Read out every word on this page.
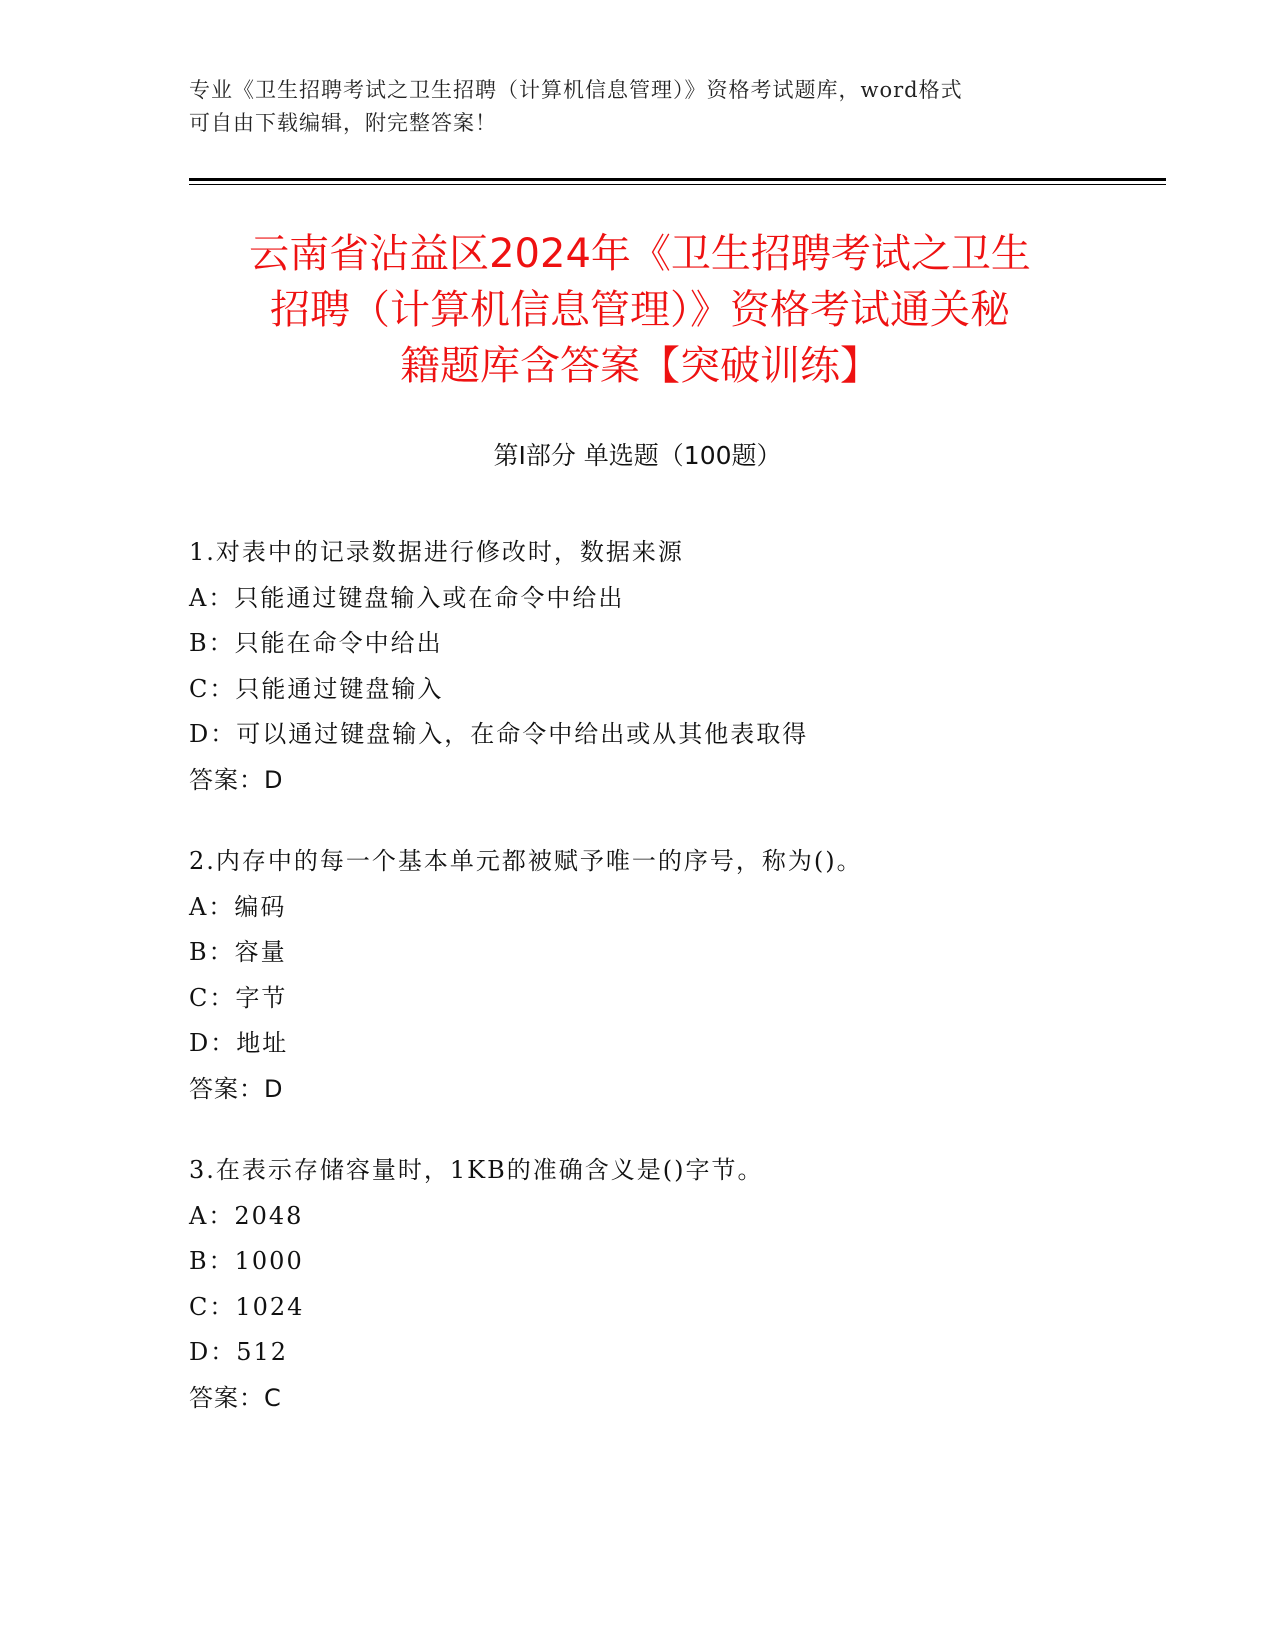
专业《卫生招聘考试之卫生招聘（计算机信息管理）》资格考试题库，word格式
可自由下载编辑，附完整答案！
云南省沾益区2024年《卫生招聘考试之卫生
招聘（计算机信息管理）》资格考试通关秘
籍题库含答案【突破训练】
第Ⅰ部分 单选题（100题）
1.对表中的记录数据进行修改时，数据来源
A：只能通过键盘输入或在命令中给出
B：只能在命令中给出
C：只能通过键盘输入
D：可以通过键盘输入，在命令中给出或从其他表取得
答案：D
2.内存中的每一个基本单元都被赋予唯一的序号，称为()。
A：编码
B：容量
C：字节
D：地址
答案：D
3.在表示存储容量时，1KB的准确含义是()字节。
A：2048
B：1000
C：1024
D：512
答案：C
